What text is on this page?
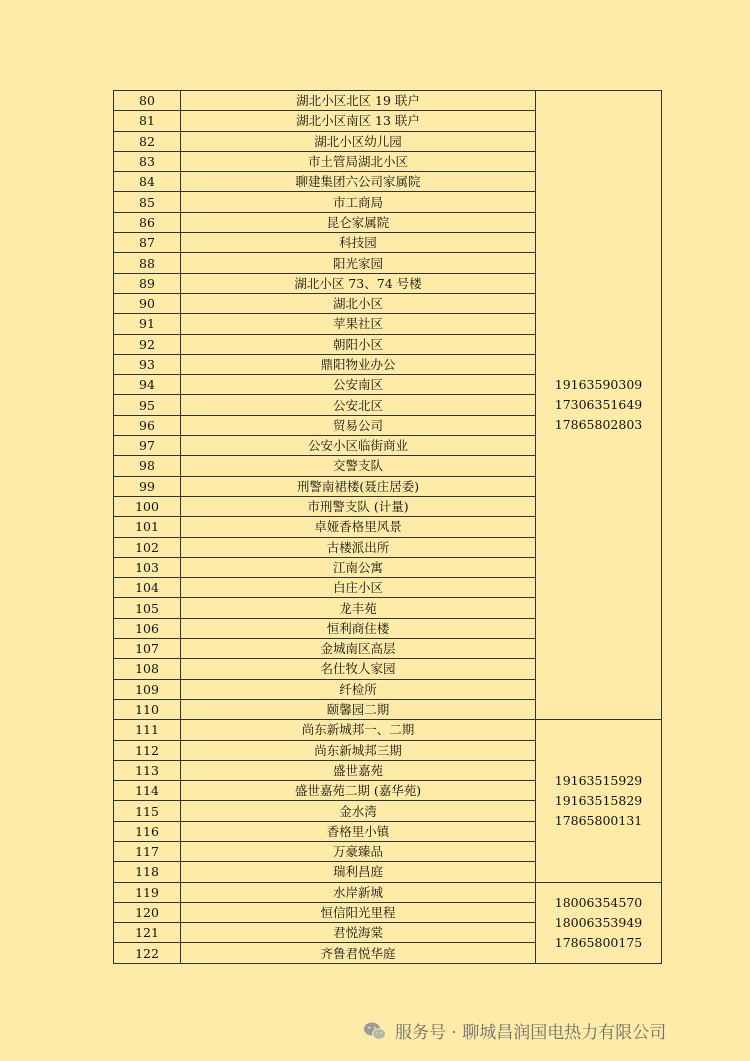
80	湖北小区北区 19 联户	19163590309
17306351649
17865802803

81	湖北小区南区 13 联户	
82	湖北小区幼儿园	
83	市土管局湖北小区	
84	聊建集团六公司家属院	
85	市工商局	
86	昆仑家属院	
87	科技园	
88	阳光家园	
89	湖北小区 73、74 号楼	
90	湖北小区	
91	苹果社区	
92	朝阳小区	
93	鼎阳物业办公	
94	公安南区	
95	公安北区	
96	贸易公司	
97	公安小区临街商业	
98	交警支队	
99	刑警南裙楼(聂庄居委)	
100	市刑警支队 (计量)	
101	卓娅香格里风景	
102	古楼派出所	
103	江南公寓	
104	白庄小区	
105	龙丰苑	
106	恒利商住楼	
107	金城南区高层	
108	名仕牧人家园	
109	纤检所	
110	颐馨园二期	
111	尚东新城邦一、二期	19163515929
19163515829
17865800131

112	尚东新城邦三期	
113	盛世嘉苑	
114	盛世嘉苑二期 (嘉华苑)	
115	金水湾	
116	香格里小镇	
117	万豪臻品	
118	瑞利昌庭	
119	水岸新城	18006354570
18006353949
17865800175

120	恒信阳光里程	
121	君悦海棠	
122	齐鲁君悦华庭	
服务号 · 聊城昌润国电热力有限公司
